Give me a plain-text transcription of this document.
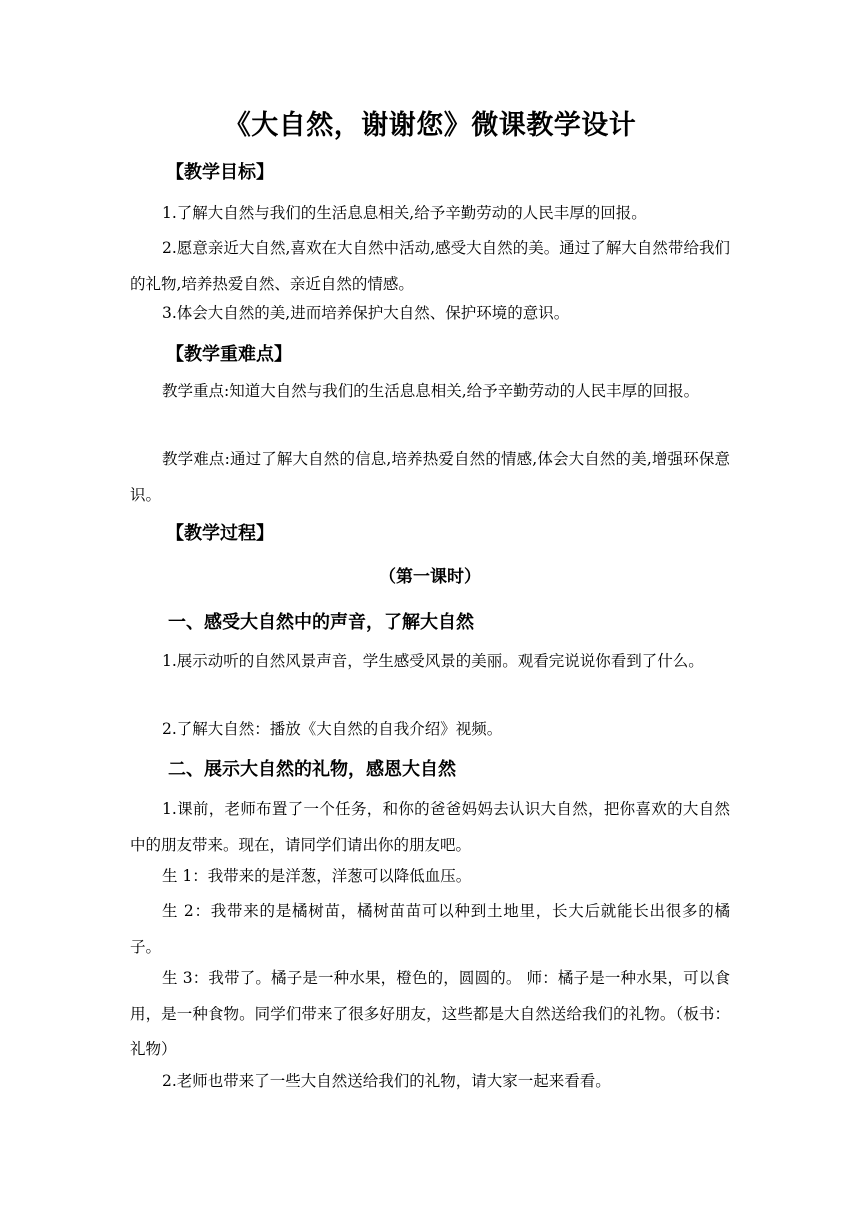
《大自然，谢谢您》微课教学设计
【教学目标】
1.了解大自然与我们的生活息息相关,给予辛勤劳动的人民丰厚的回报。
2.愿意亲近大自然,喜欢在大自然中活动,感受大自然的美。通过了解大自然带给我们的礼物,培养热爱自然、亲近自然的情感。
3.体会大自然的美,进而培养保护大自然、保护环境的意识。
【教学重难点】
教学重点:知道大自然与我们的生活息息相关,给予辛勤劳动的人民丰厚的回报。
教学难点:通过了解大自然的信息,培养热爱自然的情感,体会大自然的美,增强环保意识。
【教学过程】
（第一课时）
一、感受大自然中的声音，了解大自然
1.展示动听的自然风景声音，学生感受风景的美丽。观看完说说你看到了什么。
2.了解大自然：播放《大自然的自我介绍》视频。
二、展示大自然的礼物，感恩大自然
1.课前，老师布置了一个任务，和你的爸爸妈妈去认识大自然，把你喜欢的大自然中的朋友带来。现在，请同学们请出你的朋友吧。
生 1：我带来的是洋葱，洋葱可以降低血压。
生 2：我带来的是橘树苗，橘树苗苗可以种到土地里，长大后就能长出很多的橘子。
生 3：我带了。橘子是一种水果，橙色的，圆圆的。 师：橘子是一种水果，可以食用，是一种食物。同学们带来了很多好朋友，这些都是大自然送给我们的礼物。（板书：礼物）
2.老师也带来了一些大自然送给我们的礼物，请大家一起来看看。
